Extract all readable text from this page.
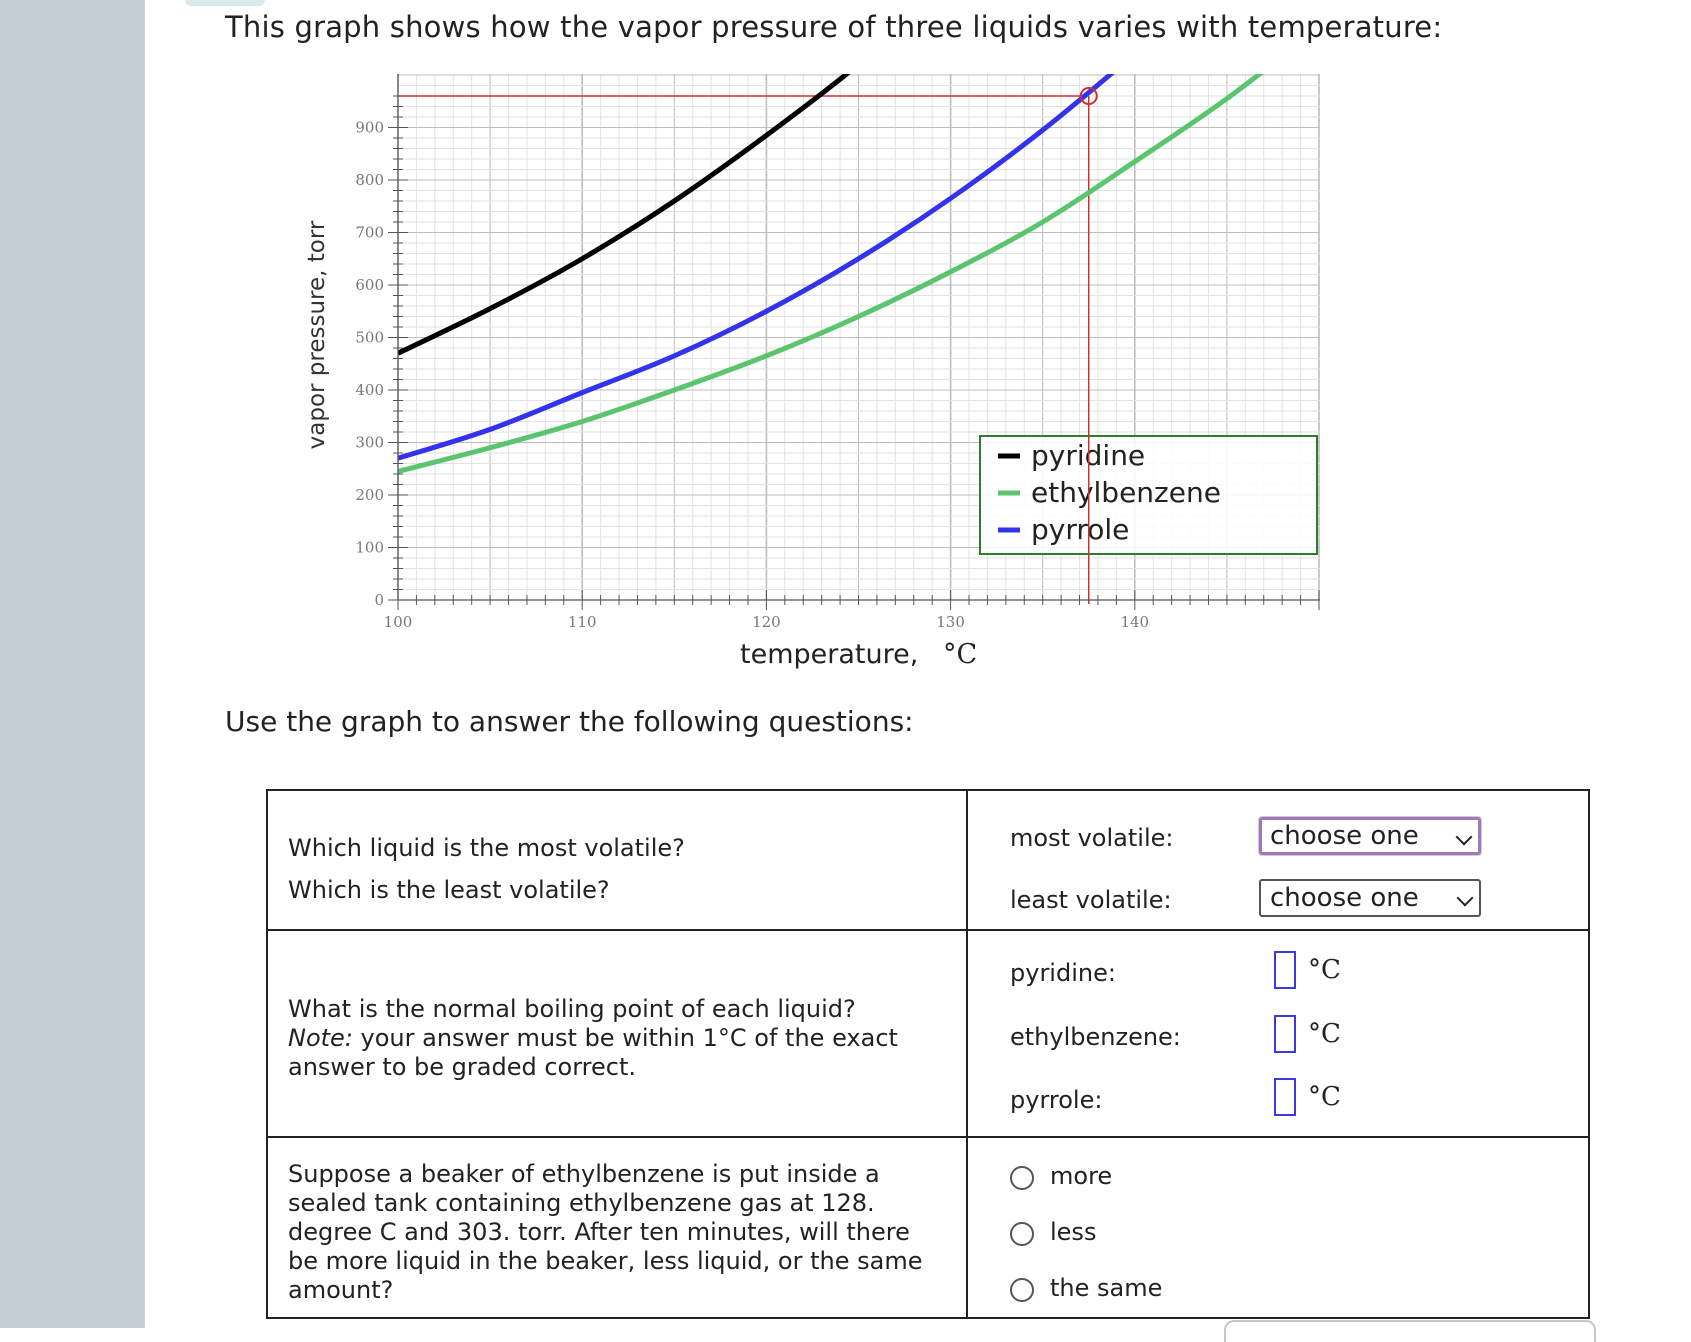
This graph shows how the vapor pressure of three liquids varies with temperature:
0
100
200
300
400
500
600
700
800
900
100	110	120	130	140
pyridine
ethylbenzene
pyrrole
vapor pressure, torr
temperature, °C
Use the graph to answer the following questions:
Which liquid is the most volatile?
Which is the least volatile?
most volatile:	choose one
least volatile:	choose one
What is the normal boiling point of each liquid?
Note: your answer must be within 1°C of the exact
answer to be graded correct.
pyridine:	°C
ethylbenzene:	°C
pyrrole:	°C
Suppose a beaker of ethylbenzene is put inside a
sealed tank containing ethylbenzene gas at 128.
degree C and 303. torr. After ten minutes, will there
be more liquid in the beaker, less liquid, or the same
amount?
more
less
the same
